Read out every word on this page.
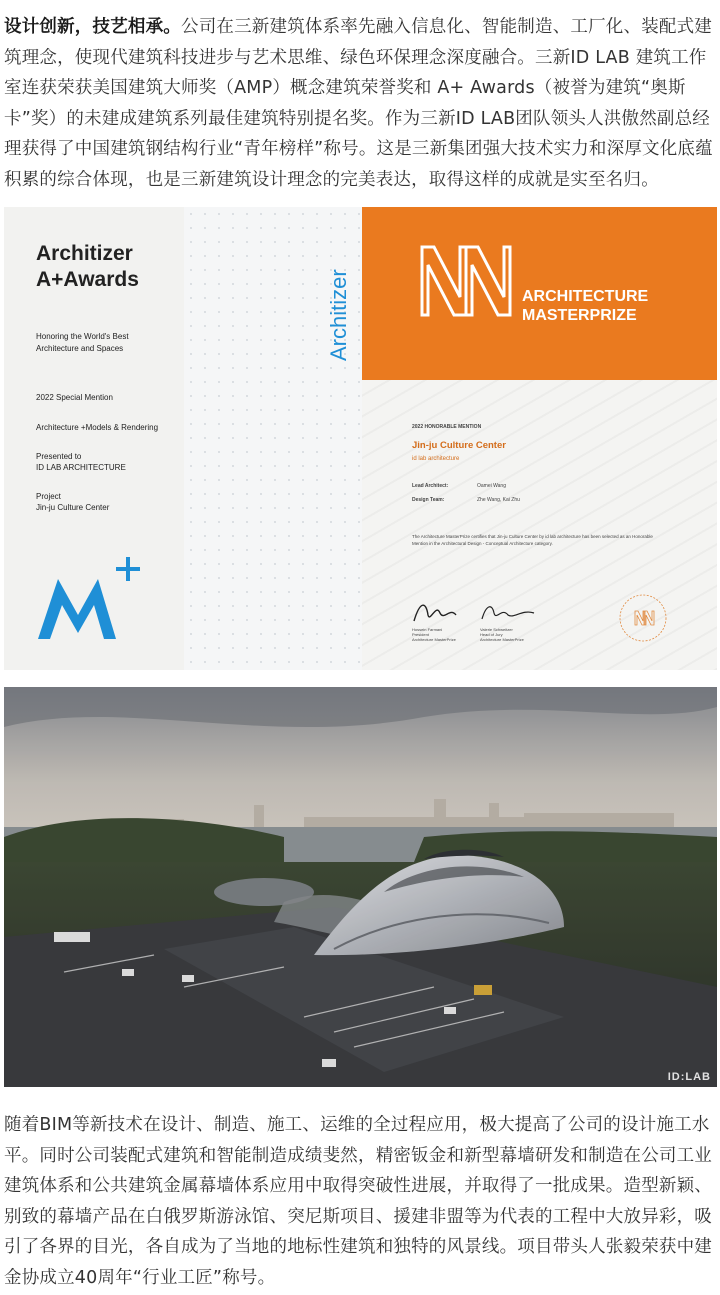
设计创新，技艺相承。公司在三新建筑体系率先融入信息化、智能制造、工厂化、装配式建筑理念，使现代建筑科技进步与艺术思维、绿色环保理念深度融合。三新ID LAB 建筑工作室连获荣获美国建筑大师奖（AMP）概念建筑荣誉奖和 A+ Awards（被誉为建筑“奥斯卡”奖）的未建成建筑系列最佳建筑特别提名奖。作为三新ID LAB团队领头人洪傲然副总经理获得了中国建筑钢结构行业“青年榜样”称号。这是三新集团强大技术实力和深厚文化底蕴积累的综合体现，也是三新建筑设计理念的完美表达，取得这样的成就是实至名归。

Architizer
A+Awards
Honoring the World's Best Architecture and Spaces
2022 Special Mention
Architecture +Models & Rendering
Presented to
ID LAB ARCHITECTURE
Project
Jin-ju Culture Center
Architizer	ARCHITECTURE
MASTERPRIZE
2022 HONORABLE MENTION
Jin-ju Culture Center
id lab architecture
Lead Architect:	Oamei Wang
Design Team:	Zhe Wang, Kai Zhu
The Architecture MasterPrize certifies that Jin-ju Culture Center by id lab architecture has been selected as an Honorable Mention in the Architectural Design - Conceptual Architecture category.
Hossein Farmani
President
Architecture MasterPrize
Valerie Schweitzer
Head of Jury
Architecture MasterPrize
ID:LAB

随着BIM等新技术在设计、制造、施工、运维的全过程应用，极大提高了公司的设计施工水平。同时公司装配式建筑和智能制造成绩斐然，精密钣金和新型幕墙研发和制造在公司工业建筑体系和公共建筑金属幕墙体系应用中取得突破性进展，并取得了一批成果。造型新颖、别致的幕墙产品在白俄罗斯游泳馆、突尼斯项目、援建非盟等为代表的工程中大放异彩，吸引了各界的目光，各自成为了当地的地标性建筑和独特的风景线。项目带头人张毅荣获中建金协成立40周年“行业工匠”称号。
